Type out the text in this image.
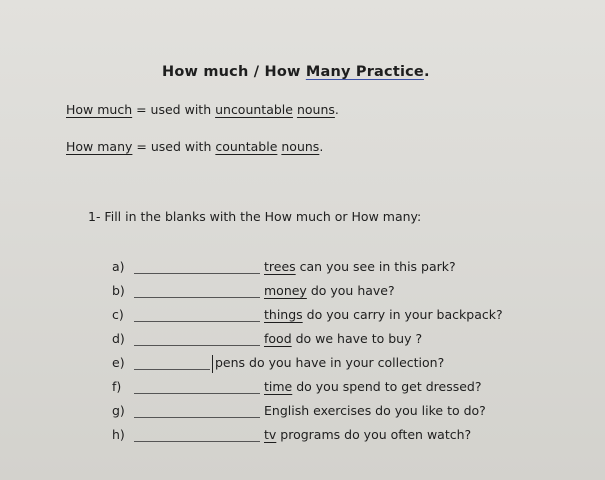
How much / How Many Practice.
How much = used with uncountable nouns.
How many = used with countable nouns.
1- Fill in the blanks with the How much or How many:
a)	trees can you see in this park?
b)	money do you have?
c)	things do you carry in your backpack?
d)	food do we have to buy ?
e)	pens do you have in your collection?
f)	time do you spend to get dressed?
g)	English exercises do you like to do?
h)	tv programs do you often watch?
